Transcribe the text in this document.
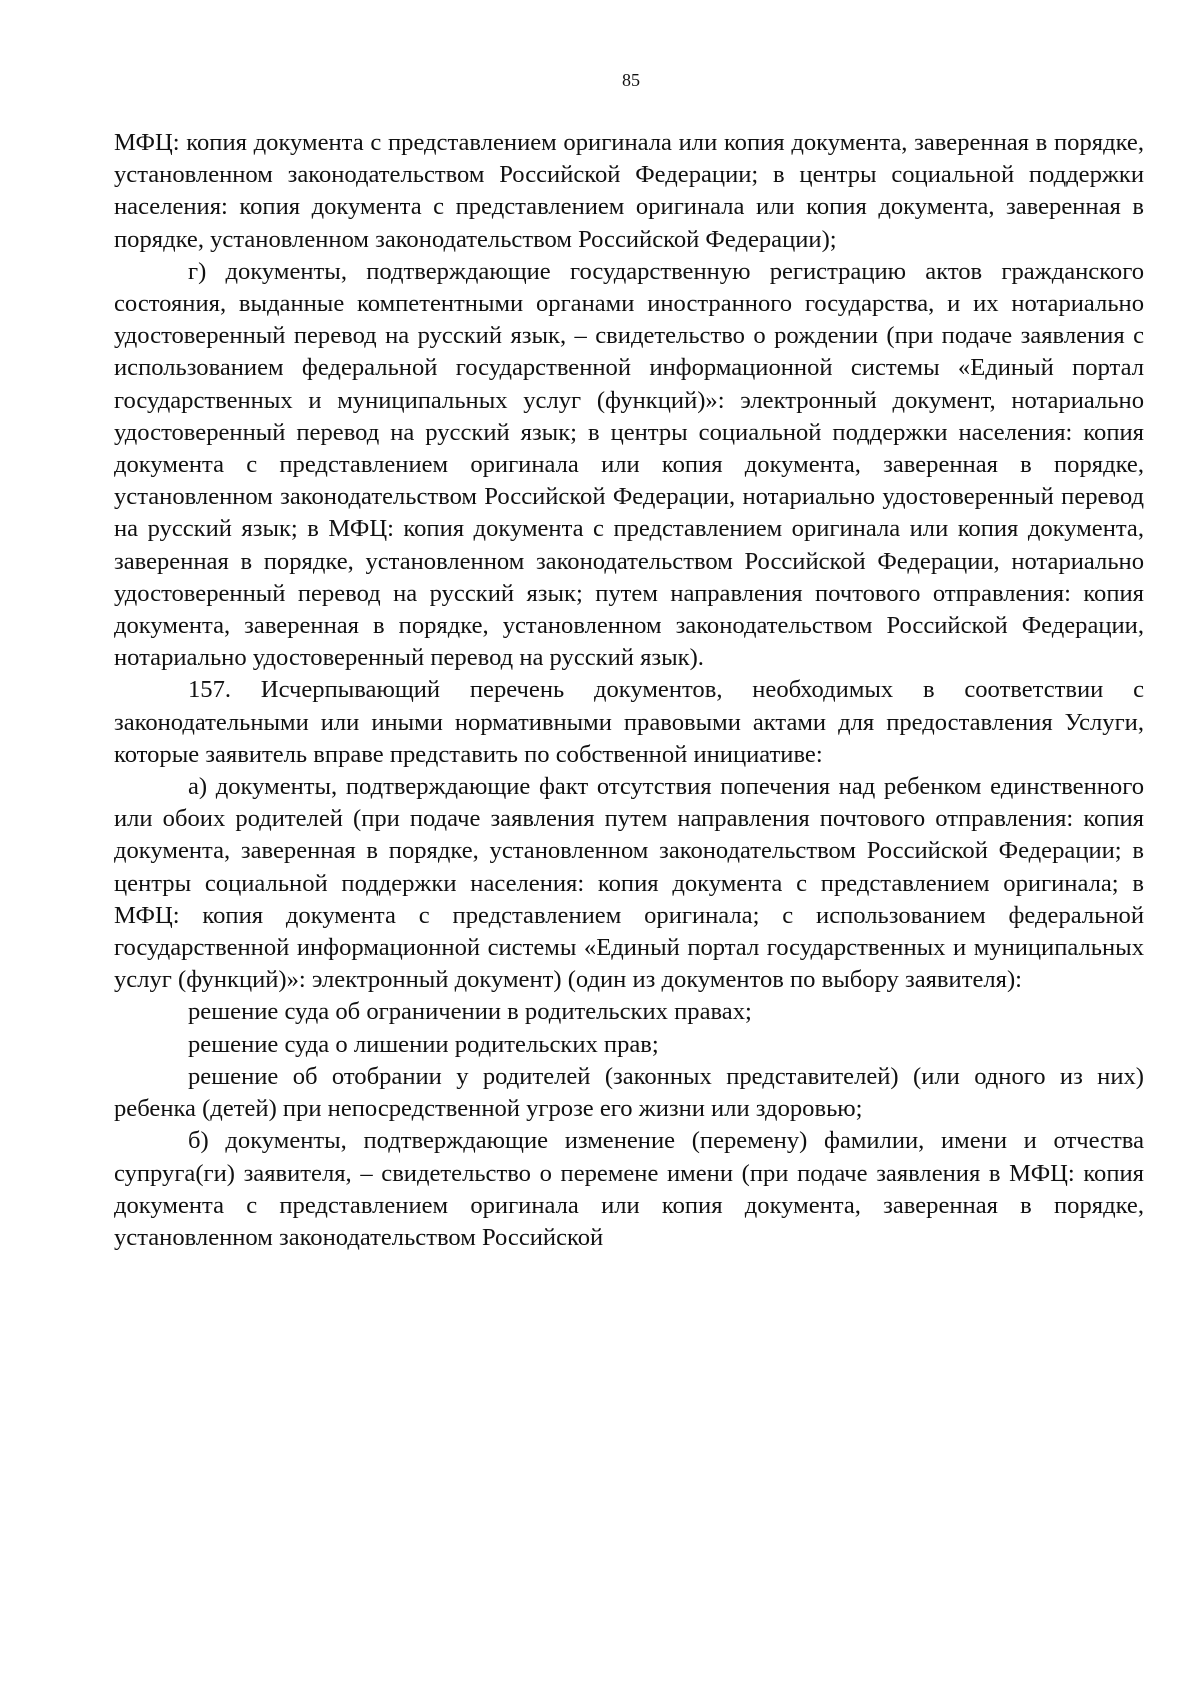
85

МФЦ: копия документа с представлением оригинала или копия документа, заверенная в порядке, установленном законодательством Российской Федерации; в центры социальной поддержки населения: копия документа с представлением оригинала или копия документа, заверенная в порядке, установленном законодательством Российской Федерации);

г) документы, подтверждающие государственную регистрацию актов гражданского состояния, выданные компетентными органами иностранного государства, и их нотариально удостоверенный перевод на русский язык, – свидетельство о рождении (при подаче заявления с использованием федеральной государственной информационной системы «Единый портал государственных и муниципальных услуг (функций)»: электронный документ, нотариально удостоверенный перевод на русский язык; в центры социальной поддержки населения: копия документа с представлением оригинала или копия документа, заверенная в порядке, установленном законодательством Российской Федерации, нотариально удостоверенный перевод на русский язык; в МФЦ: копия документа с представлением оригинала или копия документа, заверенная в порядке, установленном законодательством Российской Федерации, нотариально удостоверенный перевод на русский язык; путем направления почтового отправления: копия документа, заверенная в порядке, установленном законодательством Российской Федерации, нотариально удостоверенный перевод на русский язык).

157. Исчерпывающий перечень документов, необходимых в соответствии с законодательными или иными нормативными правовыми актами для предоставления Услуги, которые заявитель вправе представить по собственной инициативе:

а) документы, подтверждающие факт отсутствия попечения над ребенком единственного или обоих родителей (при подаче заявления путем направления почтового отправления: копия документа, заверенная в порядке, установленном законодательством Российской Федерации; в центры социальной поддержки населения: копия документа с представлением оригинала; в МФЦ: копия документа с представлением оригинала; с использованием федеральной государственной информационной системы «Единый портал государственных и муниципальных услуг (функций)»: электронный документ) (один из документов по выбору заявителя):

решение суда об ограничении в родительских правах;

решение суда о лишении родительских прав;

решение об отобрании у родителей (законных представителей) (или одного из них) ребенка (детей) при непосредственной угрозе его жизни или здоровью;

б) документы, подтверждающие изменение (перемену) фамилии, имени и отчества супруга(ги) заявителя, – свидетельство о перемене имени (при подаче заявления в МФЦ: копия документа с представлением оригинала или копия документа, заверенная в порядке, установленном законодательством Российской
